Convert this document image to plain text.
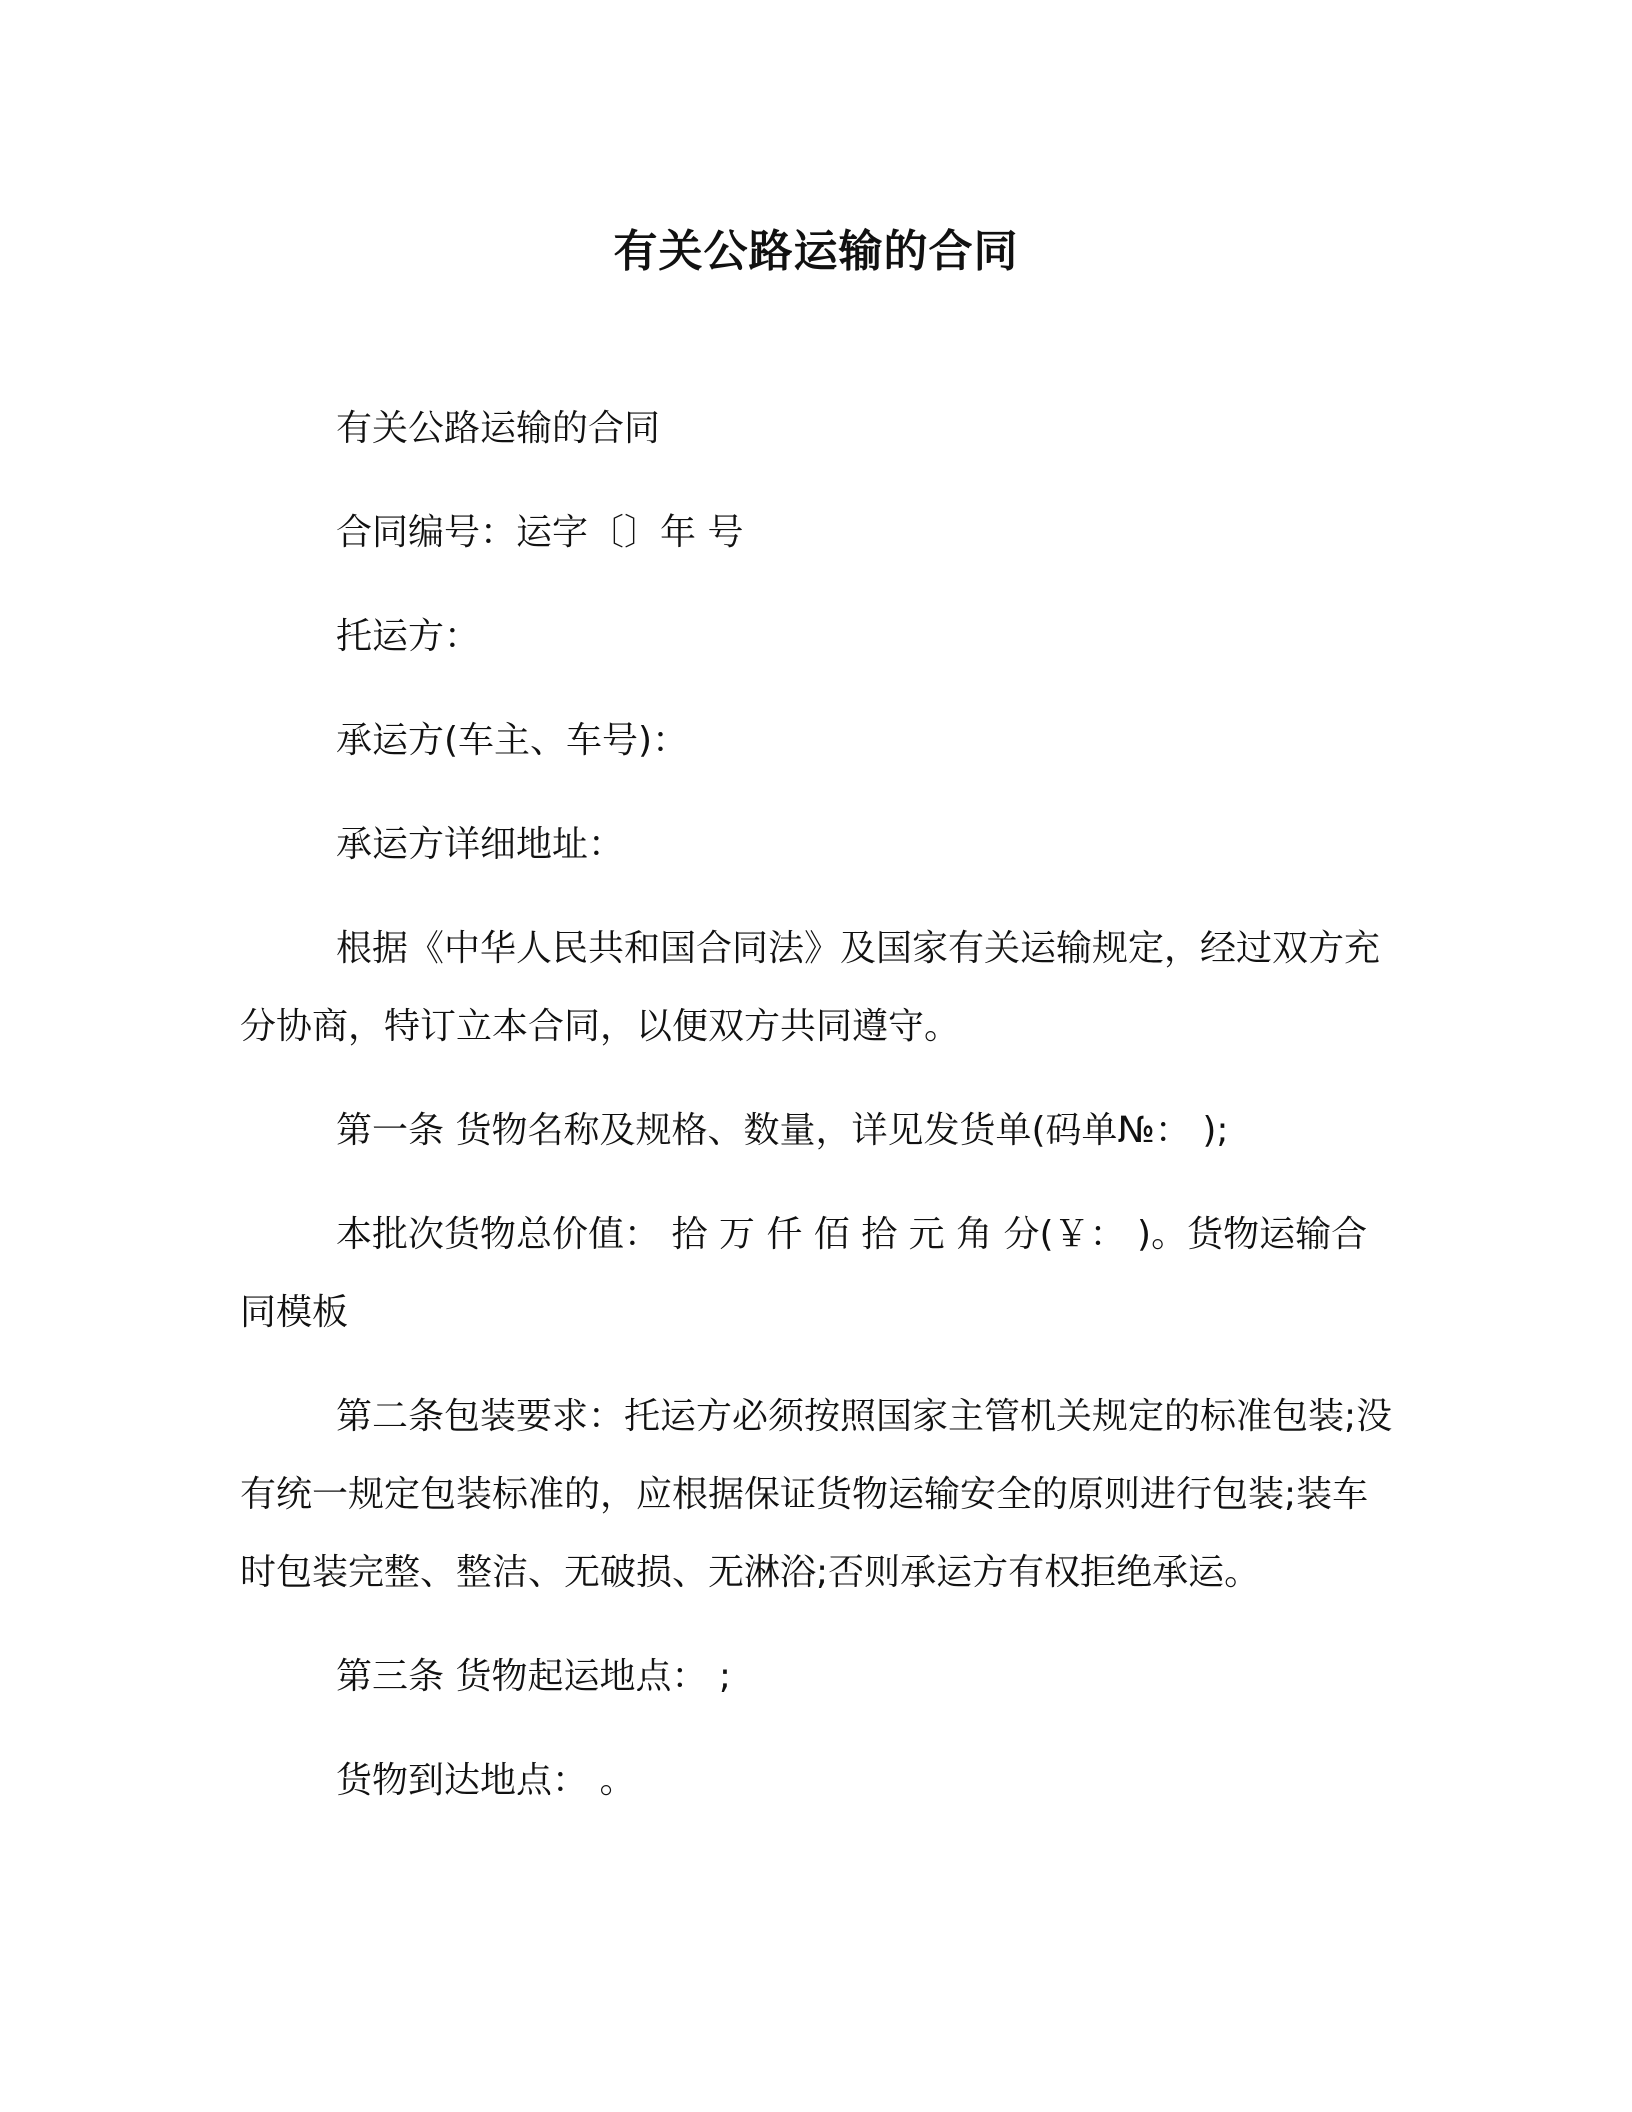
有关公路运输的合同

有关公路运输的合同

合同编号：运字〔〕年 号

托运方：

承运方(车主、车号)：

承运方详细地址：

根据《中华人民共和国合同法》及国家有关运输规定，经过双方充分协商，特订立本合同，以便双方共同遵守。

第一条 货物名称及规格、数量，详见发货单(码单№： );

本批次货物总价值： 拾 万 仟 佰 拾 元 角 分(￥： )。货物运输合同模板

第二条包装要求：托运方必须按照国家主管机关规定的标准包装;没有统一规定包装标准的，应根据保证货物运输安全的原则进行包装;装车时包装完整、整洁、无破损、无淋浴;否则承运方有权拒绝承运。

第三条 货物起运地点： ;

货物到达地点： 。
